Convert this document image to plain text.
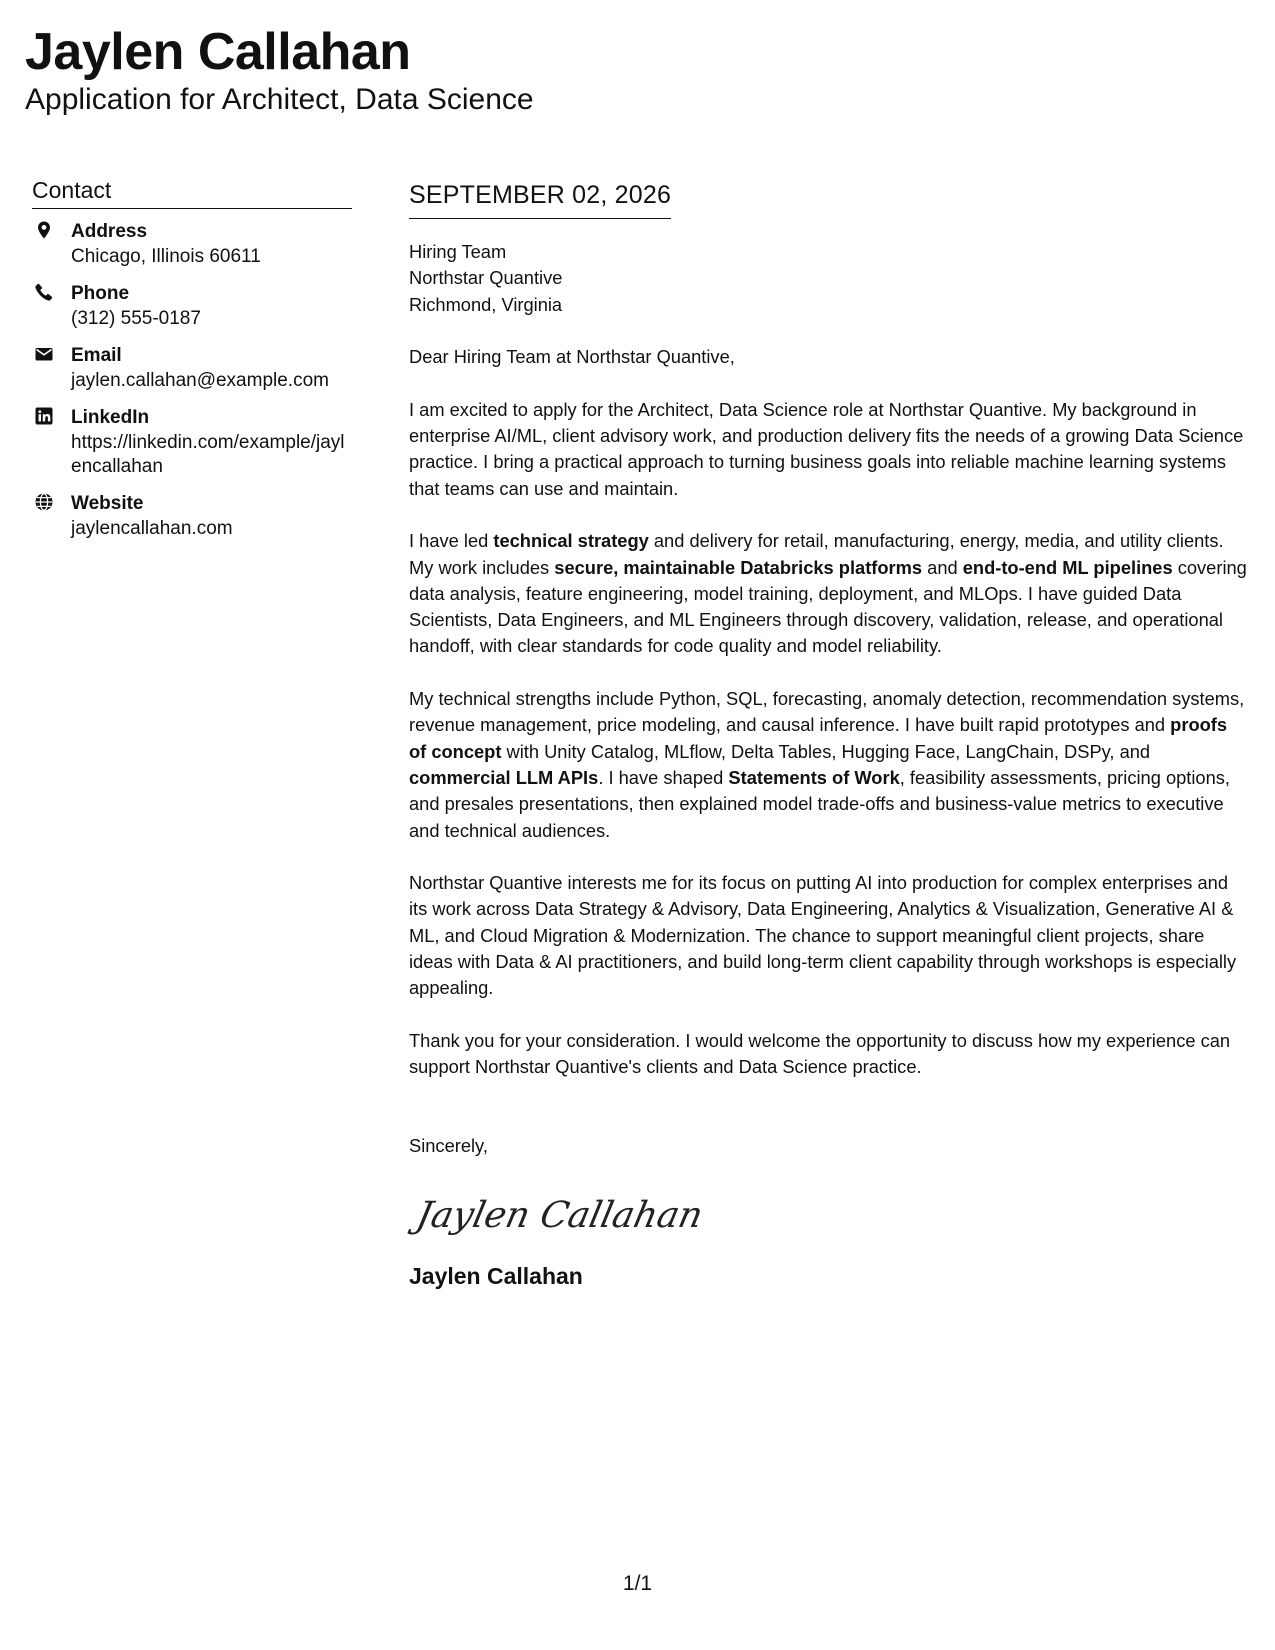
Jaylen Callahan
Application for Architect, Data Science
Contact
Address
Chicago, Illinois 60611
Phone
(312) 555-0187
Email
jaylen.callahan@example.com
LinkedIn
https://linkedin.com/example/jaylencallahan
Website
jaylencallahan.com
SEPTEMBER 02, 2026
Hiring Team
Northstar Quantive
Richmond, Virginia

Dear Hiring Team at Northstar Quantive,

I am excited to apply for the Architect, Data Science role at Northstar Quantive. My background in enterprise AI/ML, client advisory work, and production delivery fits the needs of a growing Data Science practice. I bring a practical approach to turning business goals into reliable machine learning systems that teams can use and maintain.

I have led technical strategy and delivery for retail, manufacturing, energy, media, and utility clients. My work includes secure, maintainable Databricks platforms and end-to-end ML pipelines covering data analysis, feature engineering, model training, deployment, and MLOps. I have guided Data Scientists, Data Engineers, and ML Engineers through discovery, validation, release, and operational handoff, with clear standards for code quality and model reliability.

My technical strengths include Python, SQL, forecasting, anomaly detection, recommendation systems, revenue management, price modeling, and causal inference. I have built rapid prototypes and proofs of concept with Unity Catalog, MLflow, Delta Tables, Hugging Face, LangChain, DSPy, and commercial LLM APIs. I have shaped Statements of Work, feasibility assessments, pricing options, and presales presentations, then explained model trade-offs and business-value metrics to executive and technical audiences.

Northstar Quantive interests me for its focus on putting AI into production for complex enterprises and its work across Data Strategy & Advisory, Data Engineering, Analytics & Visualization, Generative AI & ML, and Cloud Migration & Modernization. The chance to support meaningful client projects, share ideas with Data & AI practitioners, and build long-term client capability through workshops is especially appealing.

Thank you for your consideration. I would welcome the opportunity to discuss how my experience can support Northstar Quantive's clients and Data Science practice.

Sincerely,
Jaylen Callahan
Jaylen Callahan
1/1
